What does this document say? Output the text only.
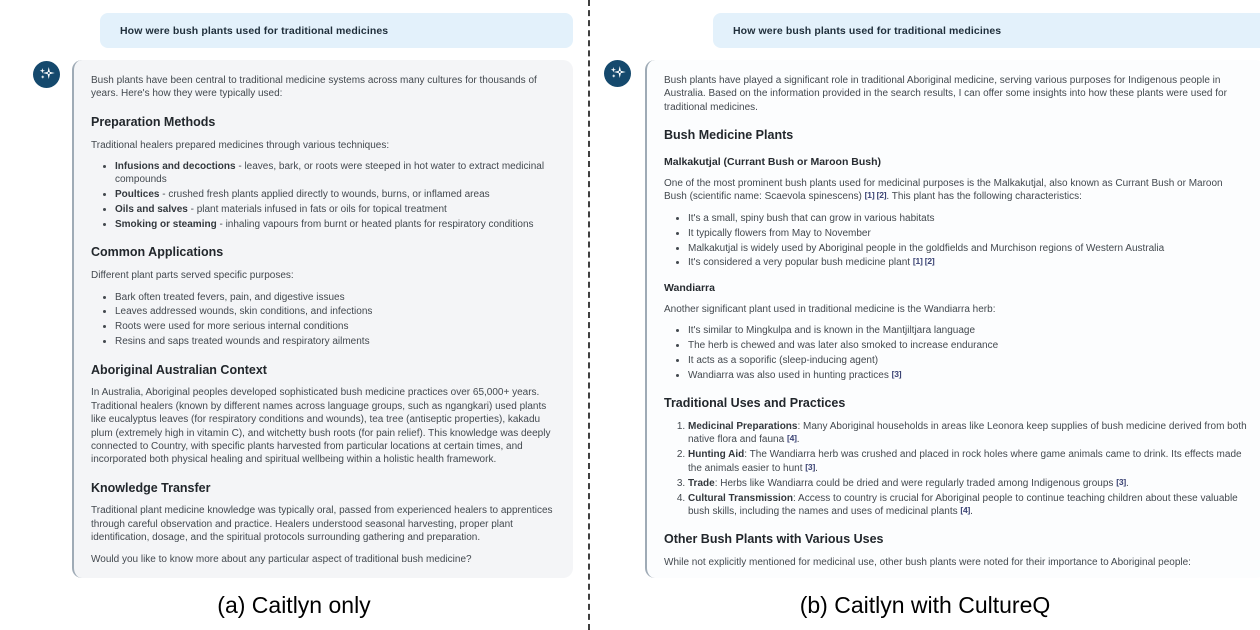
How were bush plants used for traditional medicines
Bush plants have been central to traditional medicine systems across many cultures for thousands of years. Here's how they were typically used:
Preparation Methods
Traditional healers prepared medicines through various techniques:
• Infusions and decoctions - leaves, bark, or roots were steeped in hot water to extract medicinal compounds
• Poultices - crushed fresh plants applied directly to wounds, burns, or inflamed areas
• Oils and salves - plant materials infused in fats or oils for topical treatment
• Smoking or steaming - inhaling vapours from burnt or heated plants for respiratory conditions
Common Applications
Different plant parts served specific purposes:
• Bark often treated fevers, pain, and digestive issues
• Leaves addressed wounds, skin conditions, and infections
• Roots were used for more serious internal conditions
• Resins and saps treated wounds and respiratory ailments
Aboriginal Australian Context
In Australia, Aboriginal peoples developed sophisticated bush medicine practices over 65,000+ years. Traditional healers (known by different names across language groups, such as ngangkari) used plants like eucalyptus leaves (for respiratory conditions and wounds), tea tree (antiseptic properties), kakadu plum (extremely high in vitamin C), and witchetty bush roots (for pain relief). This knowledge was deeply connected to Country, with specific plants harvested from particular locations at certain times, and incorporated both physical healing and spiritual wellbeing within a holistic health framework.
Knowledge Transfer
Traditional plant medicine knowledge was typically oral, passed from experienced healers to apprentices through careful observation and practice. Healers understood seasonal harvesting, proper plant identification, dosage, and the spiritual protocols surrounding gathering and preparation.
Would you like to know more about any particular aspect of traditional bush medicine?
(a) Caitlyn only
How were bush plants used for traditional medicines
Bush plants have played a significant role in traditional Aboriginal medicine, serving various purposes for Indigenous people in Australia. Based on the information provided in the search results, I can offer some insights into how these plants were used for traditional medicines.
Bush Medicine Plants
Malkakutjal (Currant Bush or Maroon Bush)
One of the most prominent bush plants used for medicinal purposes is the Malkakutjal, also known as Currant Bush or Maroon Bush (scientific name: Scaevola spinescens) [1] [2]. This plant has the following characteristics:
• It's a small, spiny bush that can grow in various habitats
• It typically flowers from May to November
• Malkakutjal is widely used by Aboriginal people in the goldfields and Murchison regions of Western Australia
• It's considered a very popular bush medicine plant [1] [2]
Wandiarra
Another significant plant used in traditional medicine is the Wandiarra herb:
• It's similar to Mingkulpa and is known in the Mantjiltjara language
• The herb is chewed and was later also smoked to increase endurance
• It acts as a soporific (sleep-inducing agent)
• Wandiarra was also used in hunting practices [3]
Traditional Uses and Practices
1. Medicinal Preparations: Many Aboriginal households in areas like Leonora keep supplies of bush medicine derived from both native flora and fauna [4].
2. Hunting Aid: The Wandiarra herb was crushed and placed in rock holes where game animals came to drink. Its effects made the animals easier to hunt [3].
3. Trade: Herbs like Wandiarra could be dried and were regularly traded among Indigenous groups [3].
4. Cultural Transmission: Access to country is crucial for Aboriginal people to continue teaching children about these valuable bush skills, including the names and uses of medicinal plants [4].
Other Bush Plants with Various Uses
While not explicitly mentioned for medicinal use, other bush plants were noted for their importance to Aboriginal people:
(b) Caitlyn with CultureQ
